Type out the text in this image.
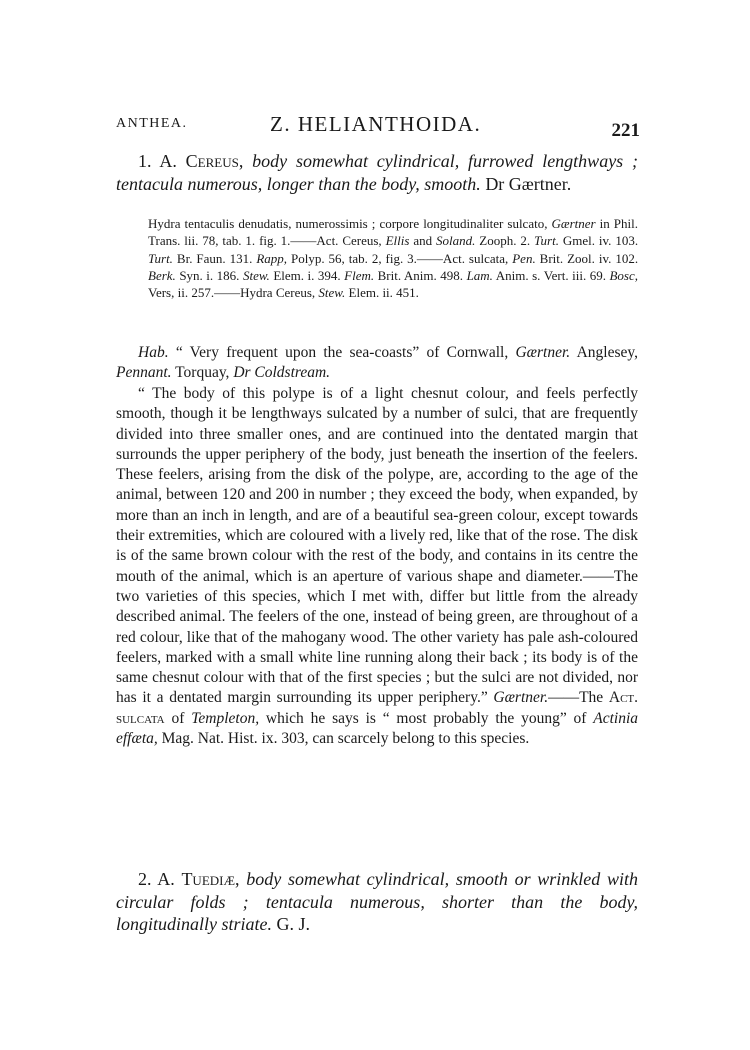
ANTHEA.	Z. HELIANTHOIDA.	221

1. A. Cereus, body somewhat cylindrical, furrowed lengthways ; tentacula numerous, longer than the body, smooth. Dr Gærtner.

Hydra tentaculis denudatis, numerossimis ; corpore longitudinaliter sulcato, Gærtner in Phil. Trans. lii. 78, tab. 1. fig. 1.——Act. Cereus, Ellis and Soland. Zooph. 2. Turt. Gmel. iv. 103. Turt. Br. Faun. 131. Rapp, Polyp. 56, tab. 2, fig. 3.——Act. sulcata, Pen. Brit. Zool. iv. 102. Berk. Syn. i. 186. Stew. Elem. i. 394. Flem. Brit. Anim. 498. Lam. Anim. s. Vert. iii. 69. Bosc, Vers, ii. 257.——Hydra Cereus, Stew. Elem. ii. 451.

Hab. “ Very frequent upon the sea-coasts” of Cornwall, Gærtner. Anglesey, Pennant. Torquay, Dr Coldstream.

“ The body of this polype is of a light chesnut colour, and feels perfectly smooth, though it be lengthways sulcated by a number of sulci, that are frequently divided into three smaller ones, and are continued into the dentated margin that surrounds the upper periphery of the body, just beneath the insertion of the feelers. These feelers, arising from the disk of the polype, are, according to the age of the animal, between 120 and 200 in number ; they exceed the body, when expanded, by more than an inch in length, and are of a beautiful sea-green colour, except towards their extremities, which are coloured with a lively red, like that of the rose. The disk is of the same brown colour with the rest of the body, and contains in its centre the mouth of the animal, which is an aperture of various shape and diameter.——The two varieties of this species, which I met with, differ but little from the already described animal. The feelers of the one, instead of being green, are throughout of a red colour, like that of the mahogany wood. The other variety has pale ash-coloured feelers, marked with a small white line running along their back ; its body is of the same chesnut colour with that of the first species ; but the sulci are not divided, nor has it a dentated margin surrounding its upper periphery.” Gærtner.——The Act. sulcata of Templeton, which he says is “ most probably the young” of Actinia effæta, Mag. Nat. Hist. ix. 303, can scarcely belong to this species.

2. A. Tuediæ, body somewhat cylindrical, smooth or wrinkled with circular folds ; tentacula numerous, shorter than the body, longitudinally striate. G. J.
